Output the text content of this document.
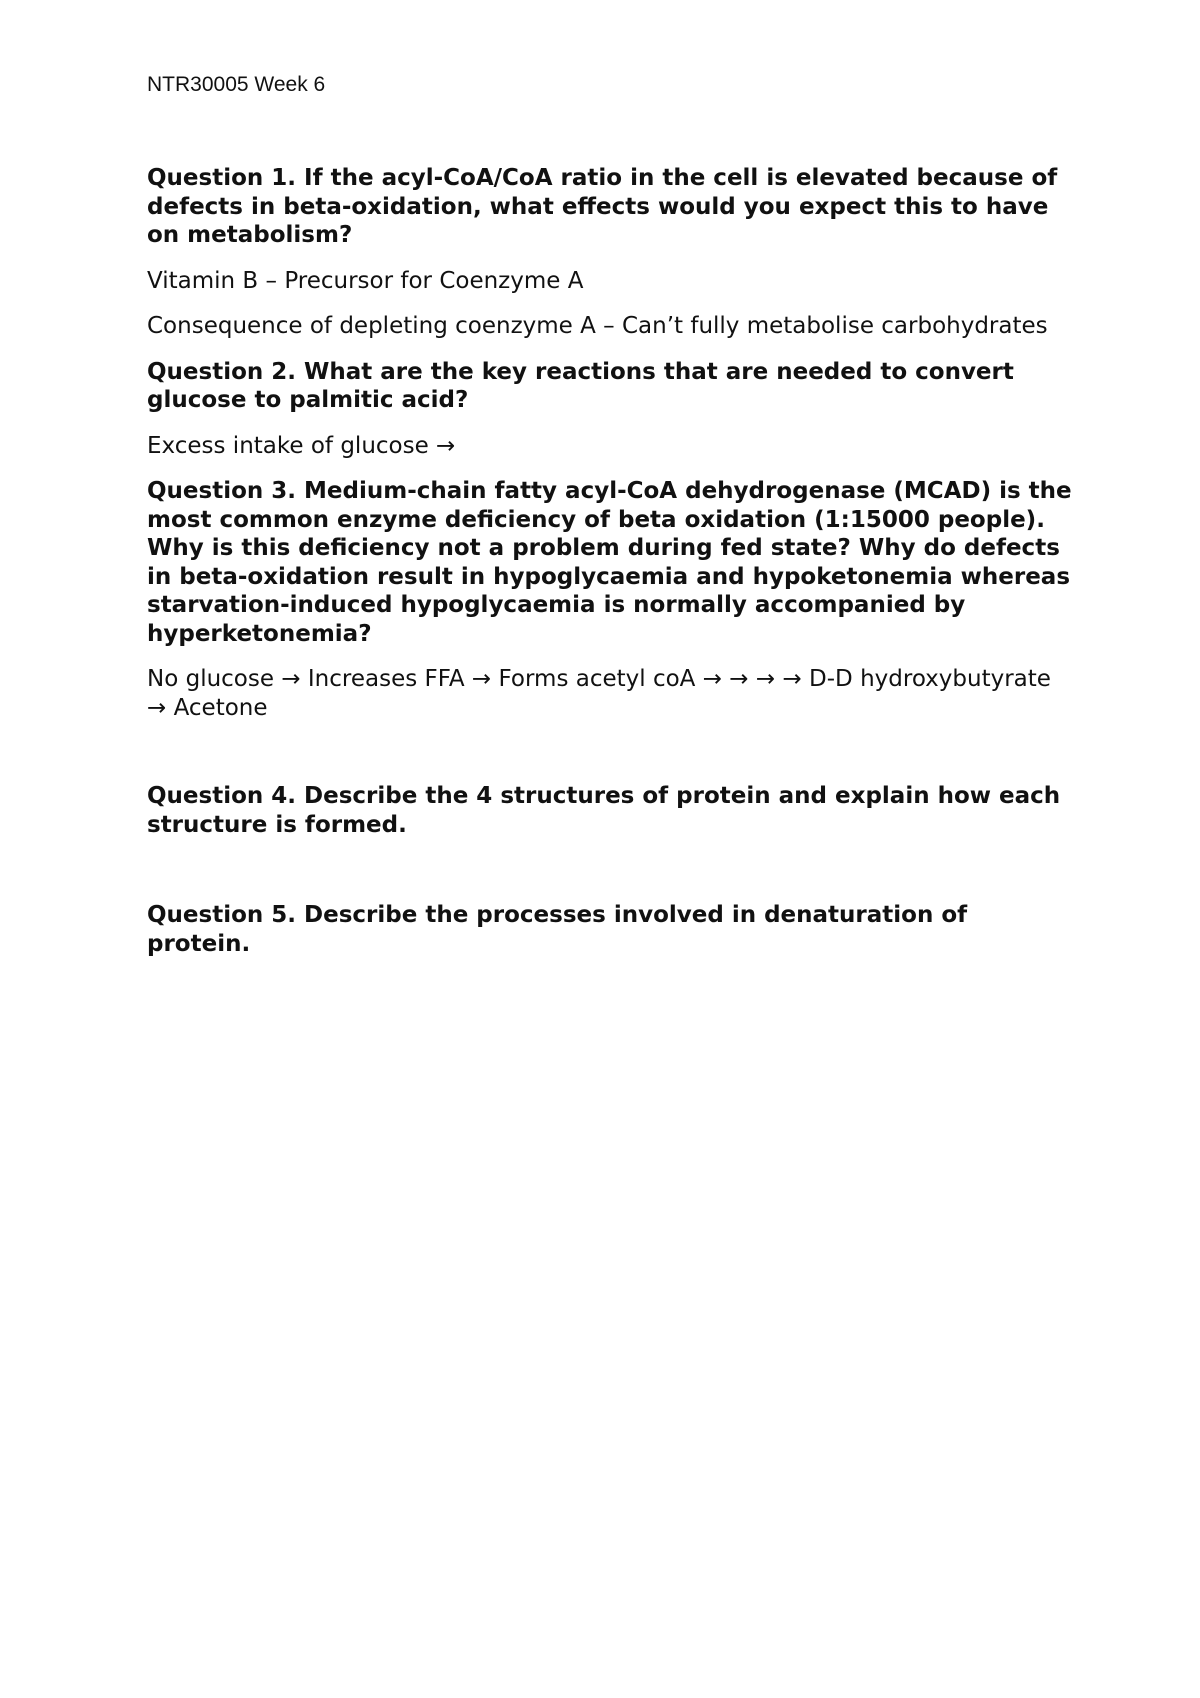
NTR30005 Week 6

Question 1. If the acyl-CoA/CoA ratio in the cell is elevated because of defects in beta-oxidation, what effects would you expect this to have on metabolism?

Vitamin B – Precursor for Coenzyme A

Consequence of depleting coenzyme A – Can’t fully metabolise carbohydrates

Question 2. What are the key reactions that are needed to convert glucose to palmitic acid?

Excess intake of glucose →

Question 3. Medium-chain fatty acyl-CoA dehydrogenase (MCAD) is the most common enzyme deficiency of beta oxidation (1:15000 people). Why is this deficiency not a problem during fed state? Why do defects in beta-oxidation result in hypoglycaemia and hypoketonemia whereas starvation-induced hypoglycaemia is normally accompanied by hyperketonemia?

No glucose → Increases FFA → Forms acetyl coA → → → → D-D hydroxybutyrate → Acetone

Question 4. Describe the 4 structures of protein and explain how each structure is formed.

Question 5. Describe the processes involved in denaturation of protein.
